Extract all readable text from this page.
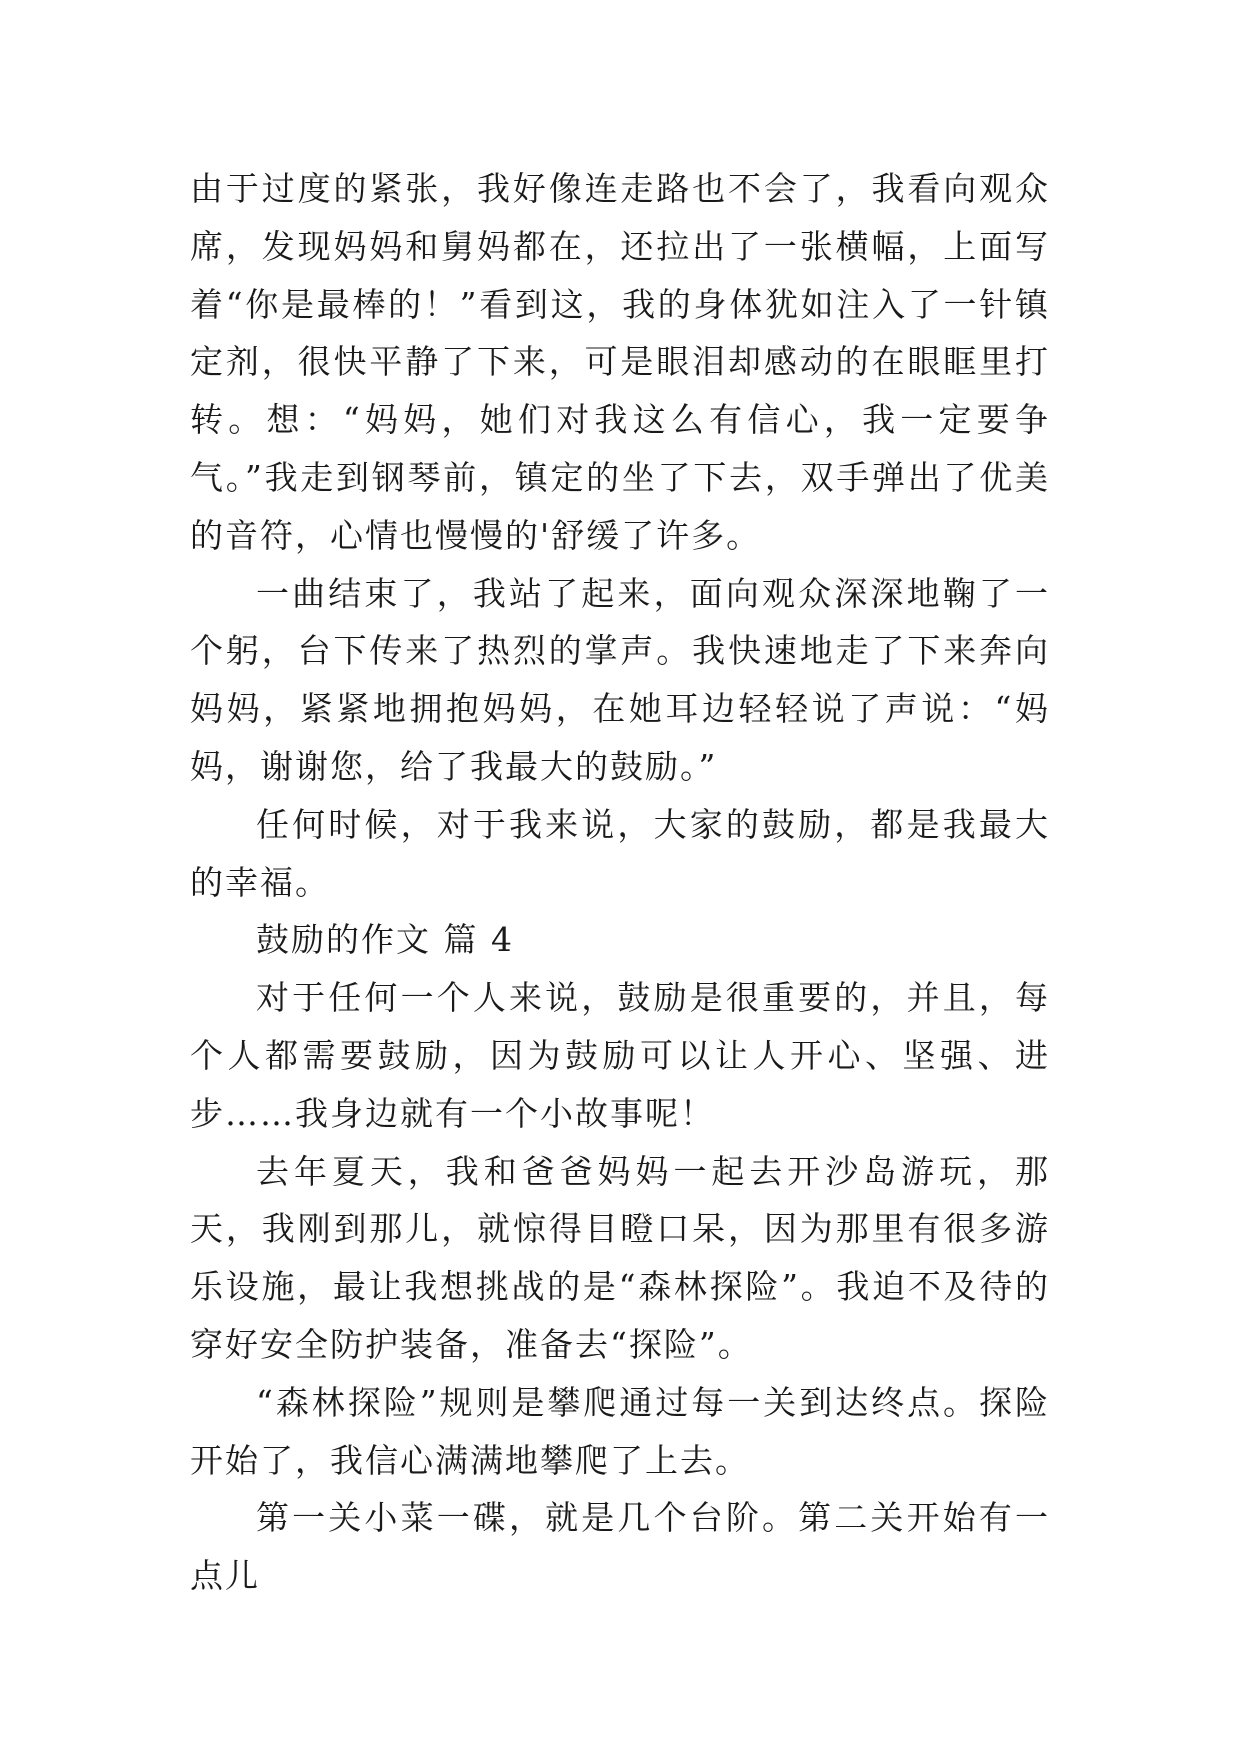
由于过度的紧张，我好像连走路也不会了，我看向观众席，发现妈妈和舅妈都在，还拉出了一张横幅，上面写着“你是最棒的！”看到这，我的身体犹如注入了一针镇定剂，很快平静了下来，可是眼泪却感动的在眼眶里打转。想：“妈妈，她们对我这么有信心，我一定要争气。”我走到钢琴前，镇定的坐了下去，双手弹出了优美的音符，心情也慢慢的'舒缓了许多。

一曲结束了，我站了起来，面向观众深深地鞠了一个躬，台下传来了热烈的掌声。我快速地走了下来奔向妈妈，紧紧地拥抱妈妈，在她耳边轻轻说了声说：“妈妈，谢谢您，给了我最大的鼓励。”

任何时候，对于我来说，大家的鼓励，都是我最大的幸福。

鼓励的作文 篇 4

对于任何一个人来说，鼓励是很重要的，并且，每个人都需要鼓励，因为鼓励可以让人开心、坚强、进步……我身边就有一个小故事呢！

去年夏天，我和爸爸妈妈一起去开沙岛游玩，那天，我刚到那儿，就惊得目瞪口呆，因为那里有很多游乐设施，最让我想挑战的是“森林探险”。我迫不及待的穿好安全防护装备，准备去“探险”。

“森林探险”规则是攀爬通过每一关到达终点。探险开始了，我信心满满地攀爬了上去。

第一关小菜一碟，就是几个台阶。第二关开始有一点儿
